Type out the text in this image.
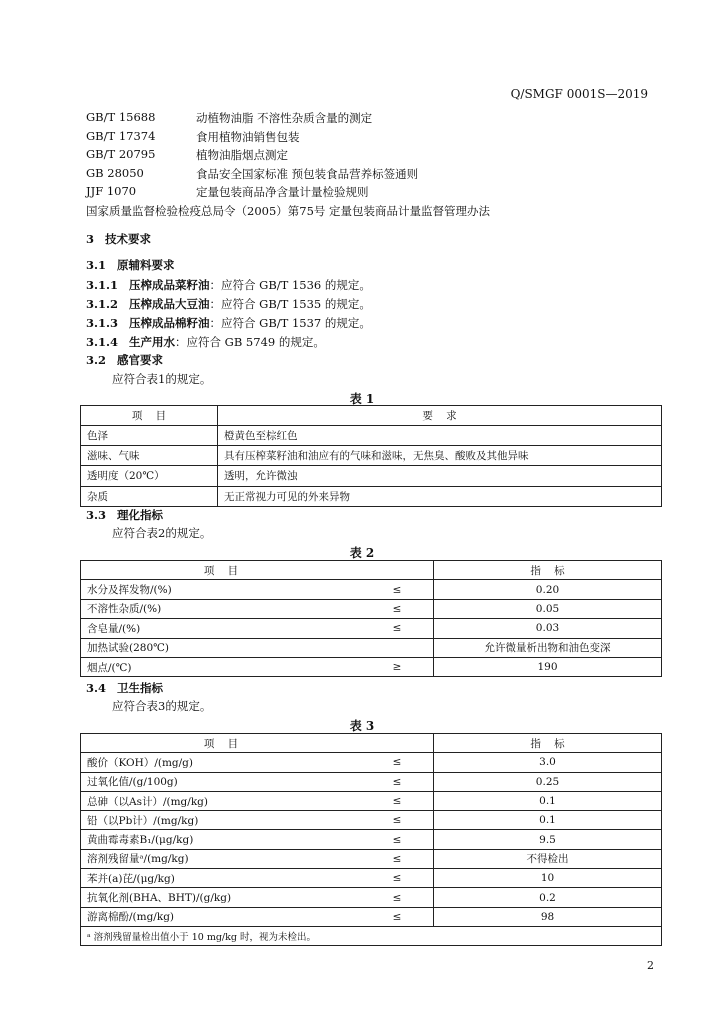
Q/SMGF 0001S—2019
GB/T 15688	动植物油脂 不溶性杂质含量的测定
GB/T 17374	食用植物油销售包装
GB/T 20795	植物油脂烟点测定
GB 28050	食品安全国家标准 预包装食品营养标签通则
JJF 1070	定量包装商品净含量计量检验规则
国家质量监督检验检疫总局令（2005）第75号 定量包装商品计量监督管理办法
3 技术要求
3.1 原辅料要求
3.1.1 压榨成品菜籽油：应符合 GB/T 1536 的规定。
3.1.2 压榨成品大豆油：应符合 GB/T 1535 的规定。
3.1.3 压榨成品棉籽油：应符合 GB/T 1537 的规定。
3.1.4 生产用水：应符合 GB 5749 的规定。
3.2 感官要求
应符合表1的规定。
表 1
项    目	要    求
色泽	橙黄色至棕红色
滋味、气味	具有压榨菜籽油和油应有的气味和滋味，无焦臭、酸败及其他异味
透明度（20℃）	透明，允许微浊
杂质	无正常视力可见的外来异物
3.3 理化指标
应符合表2的规定。
表 2
项    目		指    标
水分及挥发物/(%)	≤	0.20
不溶性杂质/(%)	≤	0.05
含皂量/(%)	≤	0.03
加热试验(280℃)		允许微量析出物和油色变深
烟点/(℃)	≥	190
3.4 卫生指标
应符合表3的规定。
表 3
项    目		指    标
酸价（KOH）/(mg/g)	≤	3.0
过氧化值/(g/100g)	≤	0.25
总砷（以As计）/(mg/kg)	≤	0.1
铅（以Pb计）/(mg/kg)	≤	0.1
黄曲霉毒素B₁/(μg/kg)	≤	9.5
溶剂残留量ᵃ/(mg/kg)	≤	不得检出
苯并(a)芘/(μg/kg)	≤	10
抗氧化剂(BHA、BHT)/(g/kg)	≤	0.2
游离棉酚/(mg/kg)	≤	98
ᵃ 溶剂残留量检出值小于 10 mg/kg 时，视为未检出。		
2
